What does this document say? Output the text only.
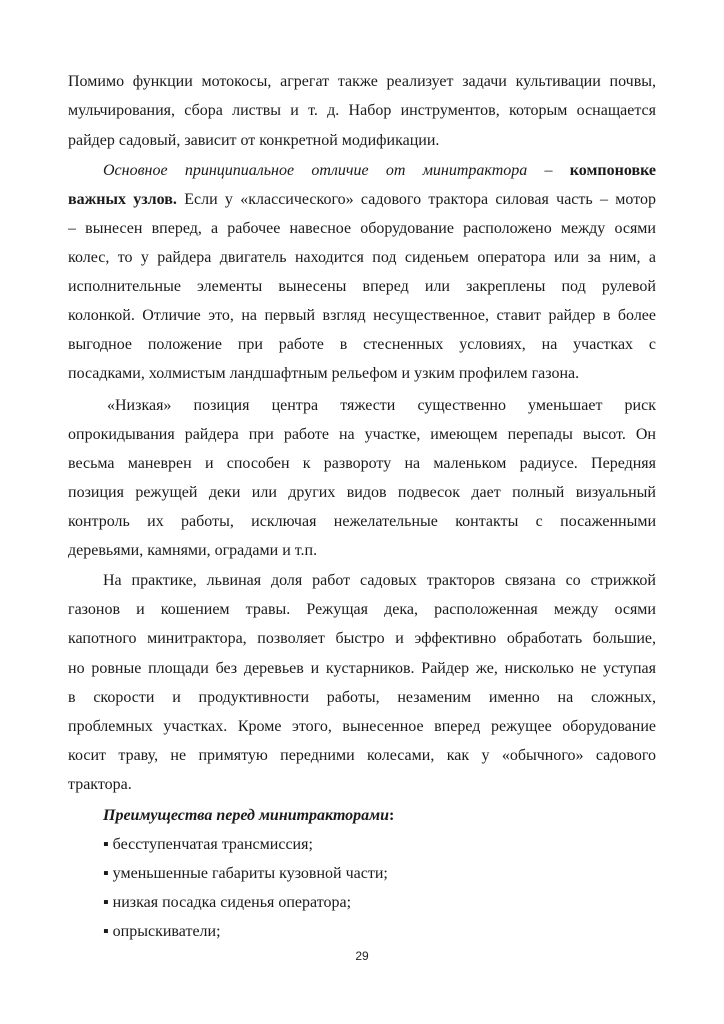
Помимо функции мотокосы, агрегат также реализует задачи культивации почвы,
мульчирования, сбора листвы и т. д. Набор инструментов, которым оснащается
райдер садовый, зависит от конкретной модификации.
Основное принципиальное отличие от минитрактора – компоновке
важных узлов. Если у «классического» садового трактора силовая часть – мотор
– вынесен вперед, а рабочее навесное оборудование расположено между осями
колес, то у райдера двигатель находится под сиденьем оператора или за ним, а
исполнительные элементы вынесены вперед или закреплены под рулевой
колонкой. Отличие это, на первый взгляд несущественное, ставит райдер в более
выгодное положение при работе в стесненных условиях, на участках с
посадками, холмистым ландшафтным рельефом и узким профилем газона.
«Низкая» позиция центра тяжести существенно уменьшает риск
опрокидывания райдера при работе на участке, имеющем перепады высот. Он
весьма маневрен и способен к развороту на маленьком радиусе. Передняя
позиция режущей деки или других видов подвесок дает полный визуальный
контроль их работы, исключая нежелательные контакты с посаженными
деревьями, камнями, оградами и т.п.
На практике, львиная доля работ садовых тракторов связана со стрижкой
газонов и кошением травы. Режущая дека, расположенная между осями
капотного минитрактора, позволяет быстро и эффективно обработать большие,
но ровные площади без деревьев и кустарников. Райдер же, нисколько не уступая
в скорости и продуктивности работы, незаменим именно на сложных,
проблемных участках. Кроме этого, вынесенное вперед режущее оборудование
косит траву, не примятую передними колесами, как у «обычного» садового
трактора.
Преимущества перед минитракторами:
▪ бесступенчатая трансмиссия;
▪ уменьшенные габариты кузовной части;
▪ низкая посадка сиденья оператора;
▪ опрыскиватели;
29
